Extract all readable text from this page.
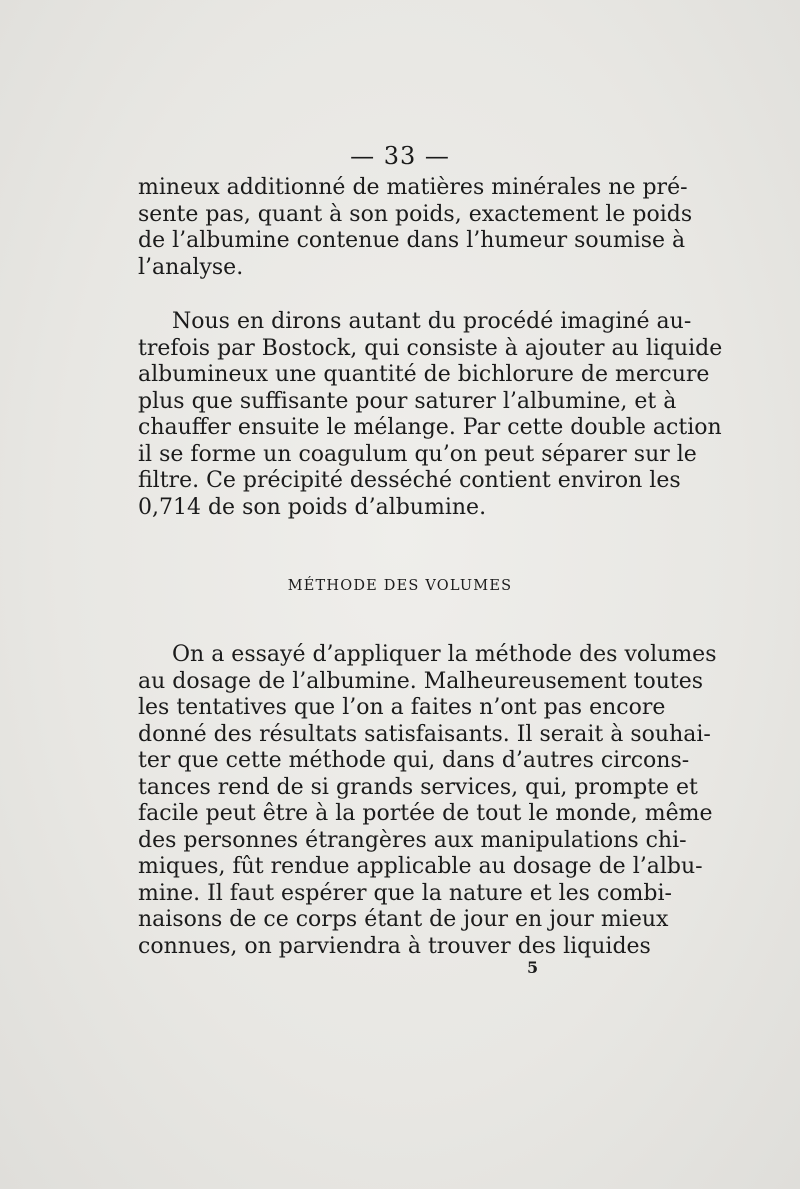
— 33 —
mineux additionné de matières minérales ne pré-
sente pas, quant à son poids, exactement le poids
de l’albumine contenue dans l’humeur soumise à
l’analyse.
Nous en dirons autant du procédé imaginé au-
trefois par Bostock, qui consiste à ajouter au liquide
albumineux une quantité de bichlorure de mercure
plus que suffisante pour saturer l’albumine, et à
chauffer ensuite le mélange. Par cette double action
il se forme un coagulum qu’on peut séparer sur le
filtre. Ce précipité desséché contient environ les
0,714 de son poids d’albumine.
MÉTHODE DES VOLUMES
On a essayé d’appliquer la méthode des volumes
au dosage de l’albumine. Malheureusement toutes
les tentatives que l’on a faites n’ont pas encore
donné des résultats satisfaisants. Il serait à souhai-
ter que cette méthode qui, dans d’autres circons-
tances rend de si grands services, qui, prompte et
facile peut être à la portée de tout le monde, même
des personnes étrangères aux manipulations chi-
miques, fût rendue applicable au dosage de l’albu-
mine. Il faut espérer que la nature et les combi-
naisons de ce corps étant de jour en jour mieux
connues, on parviendra à trouver des liquides
5
